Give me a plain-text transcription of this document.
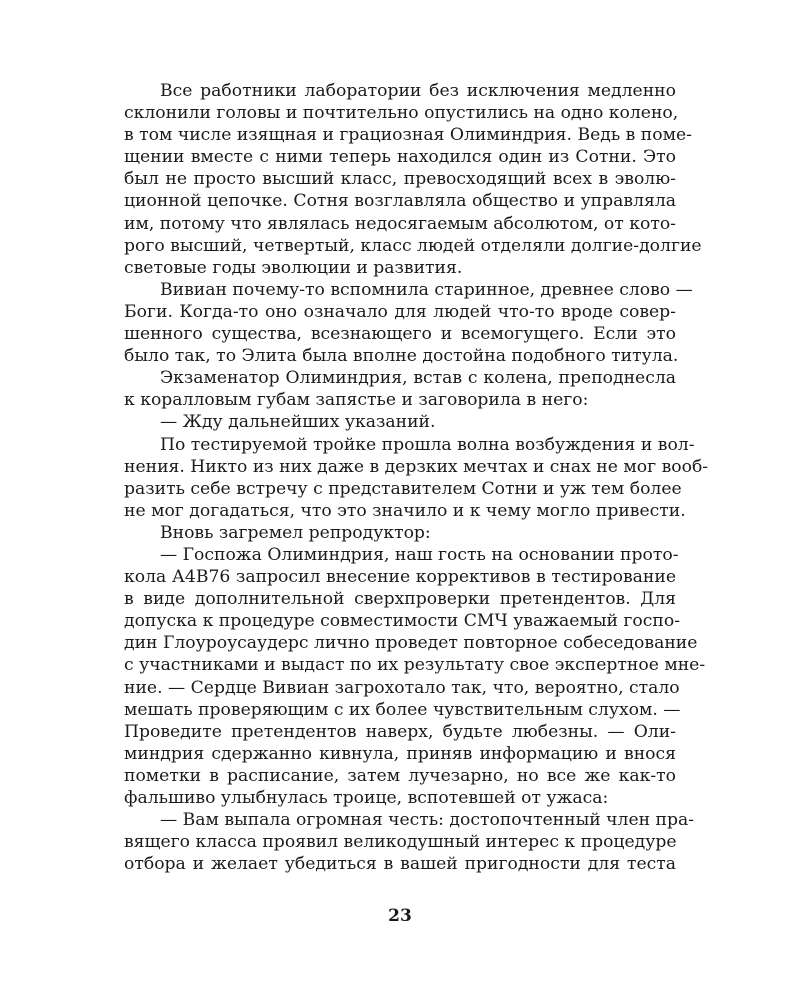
Все работники лаборатории без исключения медленно
склонили головы и почтительно опустились на одно колено,
в том числе изящная и грациозная Олиминдрия. Ведь в поме-
щении вместе с ними теперь находился один из Сотни. Это
был не просто высший класс, превосходящий всех в эволю-
ционной цепочке. Сотня возглавляла общество и управляла
им, потому что являлась недосягаемым абсолютом, от кото-
рого высший, четвертый, класс людей отделяли долгие-долгие
световые годы эволюции и развития.
Вивиан почему-то вспомнила старинное, древнее слово —
Боги. Когда-то оно означало для людей что-то вроде совер-
шенного существа, всезнающего и всемогущего. Если это
было так, то Элита была вполне достойна подобного титула.
Экзаменатор Олиминдрия, встав с колена, преподнесла
к коралловым губам запястье и заговорила в него:
— Жду дальнейших указаний.
По тестируемой тройке прошла волна возбуждения и вол-
нения. Никто из них даже в дерзких мечтах и снах не мог вооб-
разить себе встречу с представителем Сотни и уж тем более
не мог догадаться, что это значило и к чему могло привести.
Вновь загремел репродуктор:
— Госпожа Олиминдрия, наш гость на основании прото-
кола А4В76 запросил внесение коррективов в тестирование
в виде дополнительной сверхпроверки претендентов. Для
допуска к процедуре совместимости СМЧ уважаемый госпо-
дин Глоуроусаудерс лично проведет повторное собеседование
с участниками и выдаст по их результату свое экспертное мне-
ние. — Сердце Вивиан загрохотало так, что, вероятно, стало
мешать проверяющим с их более чувствительным слухом. —
Проведите претендентов наверх, будьте любезны. — Оли-
миндрия сдержанно кивнула, приняв информацию и внося
пометки в расписание, затем лучезарно, но все же как-то
фальшиво улыбнулась троице, вспотевшей от ужаса:
— Вам выпала огромная честь: достопочтенный член пра-
вящего класса проявил великодушный интерес к процедуре
отбора и желает убедиться в вашей пригодности для теста
23
